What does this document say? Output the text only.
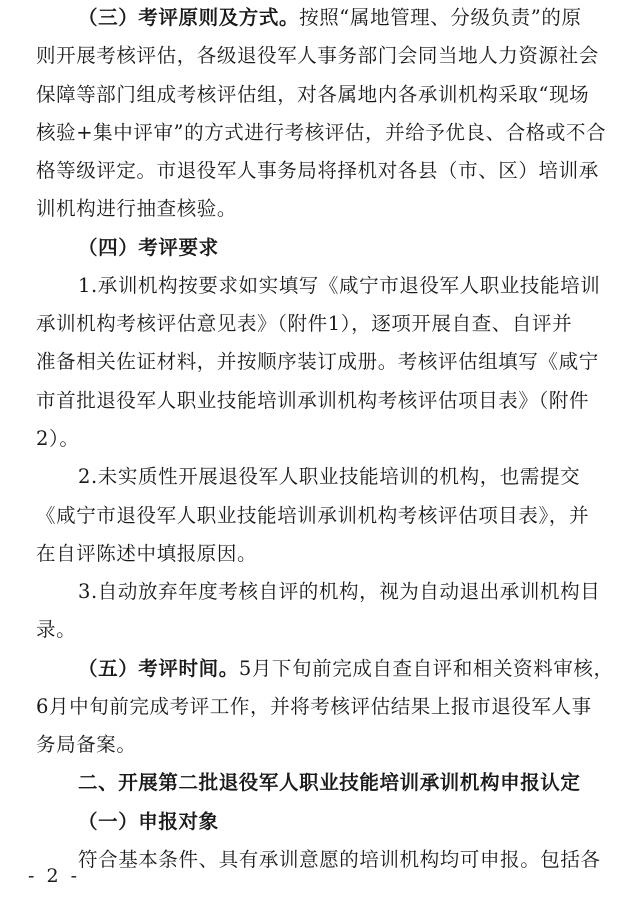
（三）考评原则及方式。按照“属地管理、分级负责”的原
则开展考核评估，各级退役军人事务部门会同当地人力资源社会
保障等部门组成考核评估组，对各属地内各承训机构采取“现场
核验+集中评审”的方式进行考核评估，并给予优良、合格或不合
格等级评定。市退役军人事务局将择机对各县（市、区）培训承
训机构进行抽查核验。
（四）考评要求
1.承训机构按要求如实填写《咸宁市退役军人职业技能培训
承训机构考核评估意见表》（附件1），逐项开展自查、自评并
准备相关佐证材料，并按顺序装订成册。考核评估组填写《咸宁
市首批退役军人职业技能培训承训机构考核评估项目表》（附件
2）。
2.未实质性开展退役军人职业技能培训的机构，也需提交
《咸宁市退役军人职业技能培训承训机构考核评估项目表》，并
在自评陈述中填报原因。
3.自动放弃年度考核自评的机构，视为自动退出承训机构目
录。
（五）考评时间。5月下旬前完成自查自评和相关资料审核，
6月中旬前完成考评工作，并将考核评估结果上报市退役军人事
务局备案。
- 2 -
二、开展第二批退役军人职业技能培训承训机构申报认定
（一）申报对象
符合基本条件、具有承训意愿的培训机构均可申报。包括各
